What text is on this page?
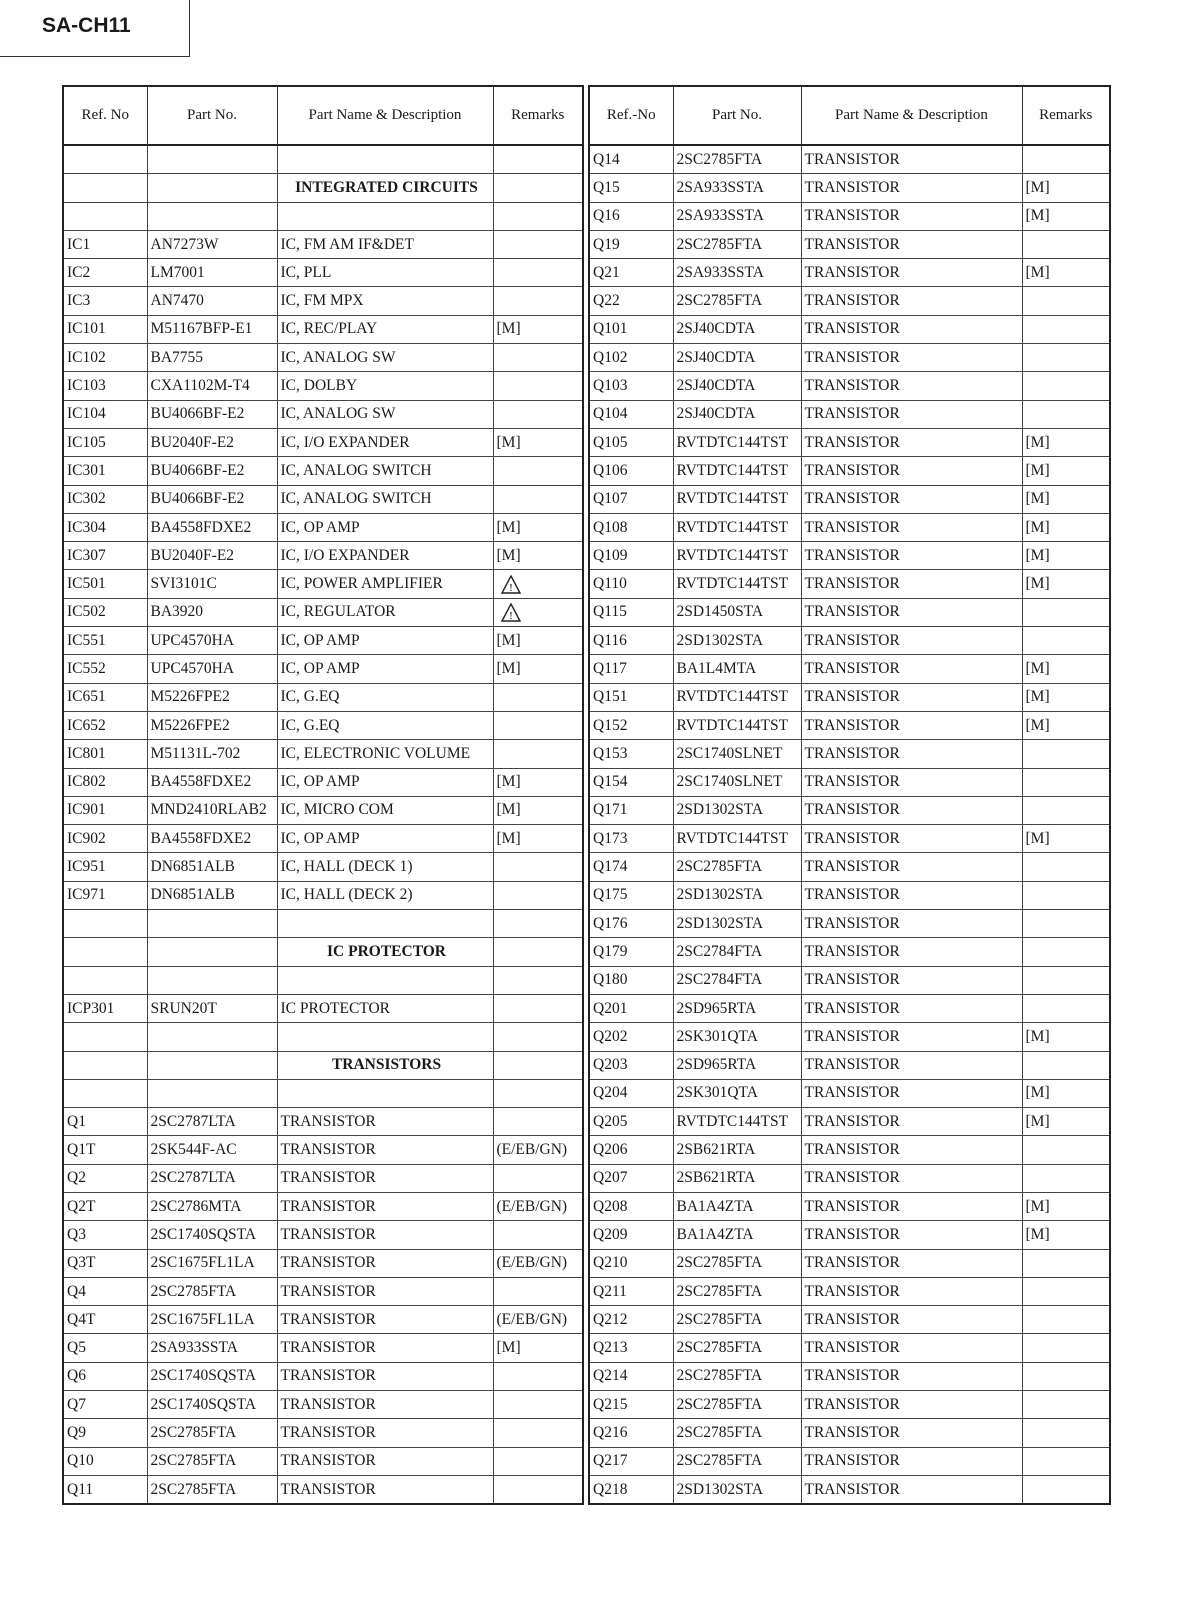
SA-CH11
Ref. No	Part No.	Part Name & Description	Remarks

		INTEGRATED CIRCUITS	

IC1	AN7273W	IC, FM AM IF&DET	
IC2	LM7001	IC, PLL	
IC3	AN7470	IC, FM MPX	
IC101	M51167BFP-E1	IC, REC/PLAY	[M]
IC102	BA7755	IC, ANALOG SW	
IC103	CXA1102M-T4	IC, DOLBY	
IC104	BU4066BF-E2	IC, ANALOG SW	
IC105	BU2040F-E2	IC, I/O EXPANDER	[M]
IC301	BU4066BF-E2	IC, ANALOG SWITCH	
IC302	BU4066BF-E2	IC, ANALOG SWITCH	
IC304	BA4558FDXE2	IC, OP AMP	[M]
IC307	BU2040F-E2	IC, I/O EXPANDER	[M]
IC501	SVI3101C	IC, POWER AMPLIFIER	!

IC502	BA3920	IC, REGULATOR	!

IC551	UPC4570HA	IC, OP AMP	[M]
IC552	UPC4570HA	IC, OP AMP	[M]
IC651	M5226FPE2	IC, G.EQ	
IC652	M5226FPE2	IC, G.EQ	
IC801	M51131L-702	IC, ELECTRONIC VOLUME	
IC802	BA4558FDXE2	IC, OP AMP	[M]
IC901	MND2410RLAB2	IC, MICRO COM	[M]
IC902	BA4558FDXE2	IC, OP AMP	[M]
IC951	DN6851ALB	IC, HALL (DECK 1)	
IC971	DN6851ALB	IC, HALL (DECK 2)	

		IC PROTECTOR	

ICP301	SRUN20T	IC PROTECTOR	

		TRANSISTORS	

Q1	2SC2787LTA	TRANSISTOR	
Q1T	2SK544F-AC	TRANSISTOR	(E/EB/GN)
Q2	2SC2787LTA	TRANSISTOR	
Q2T	2SC2786MTA	TRANSISTOR	(E/EB/GN)
Q3	2SC1740SQSTA	TRANSISTOR	
Q3T	2SC1675FL1LA	TRANSISTOR	(E/EB/GN)
Q4	2SC2785FTA	TRANSISTOR	
Q4T	2SC1675FL1LA	TRANSISTOR	(E/EB/GN)
Q5	2SA933SSTA	TRANSISTOR	[M]
Q6	2SC1740SQSTA	TRANSISTOR	
Q7	2SC1740SQSTA	TRANSISTOR	
Q9	2SC2785FTA	TRANSISTOR	
Q10	2SC2785FTA	TRANSISTOR	
Q11	2SC2785FTA	TRANSISTOR	
Ref.-No	Part No.	Part Name & Description	Remarks
Q14	2SC2785FTA	TRANSISTOR	
Q15	2SA933SSTA	TRANSISTOR	[M]
Q16	2SA933SSTA	TRANSISTOR	[M]
Q19	2SC2785FTA	TRANSISTOR	
Q21	2SA933SSTA	TRANSISTOR	[M]
Q22	2SC2785FTA	TRANSISTOR	
Q101	2SJ40CDTA	TRANSISTOR	
Q102	2SJ40CDTA	TRANSISTOR	
Q103	2SJ40CDTA	TRANSISTOR	
Q104	2SJ40CDTA	TRANSISTOR	
Q105	RVTDTC144TST	TRANSISTOR	[M]
Q106	RVTDTC144TST	TRANSISTOR	[M]
Q107	RVTDTC144TST	TRANSISTOR	[M]
Q108	RVTDTC144TST	TRANSISTOR	[M]
Q109	RVTDTC144TST	TRANSISTOR	[M]
Q110	RVTDTC144TST	TRANSISTOR	[M]
Q115	2SD1450STA	TRANSISTOR	
Q116	2SD1302STA	TRANSISTOR	
Q117	BA1L4MTA	TRANSISTOR	[M]
Q151	RVTDTC144TST	TRANSISTOR	[M]
Q152	RVTDTC144TST	TRANSISTOR	[M]
Q153	2SC1740SLNET	TRANSISTOR	
Q154	2SC1740SLNET	TRANSISTOR	
Q171	2SD1302STA	TRANSISTOR	
Q173	RVTDTC144TST	TRANSISTOR	[M]
Q174	2SC2785FTA	TRANSISTOR	
Q175	2SD1302STA	TRANSISTOR	
Q176	2SD1302STA	TRANSISTOR	
Q179	2SC2784FTA	TRANSISTOR	
Q180	2SC2784FTA	TRANSISTOR	
Q201	2SD965RTA	TRANSISTOR	
Q202	2SK301QTA	TRANSISTOR	[M]
Q203	2SD965RTA	TRANSISTOR	
Q204	2SK301QTA	TRANSISTOR	[M]
Q205	RVTDTC144TST	TRANSISTOR	[M]
Q206	2SB621RTA	TRANSISTOR	
Q207	2SB621RTA	TRANSISTOR	
Q208	BA1A4ZTA	TRANSISTOR	[M]
Q209	BA1A4ZTA	TRANSISTOR	[M]
Q210	2SC2785FTA	TRANSISTOR	
Q211	2SC2785FTA	TRANSISTOR	
Q212	2SC2785FTA	TRANSISTOR	
Q213	2SC2785FTA	TRANSISTOR	
Q214	2SC2785FTA	TRANSISTOR	
Q215	2SC2785FTA	TRANSISTOR	
Q216	2SC2785FTA	TRANSISTOR	
Q217	2SC2785FTA	TRANSISTOR	
Q218	2SD1302STA	TRANSISTOR	
